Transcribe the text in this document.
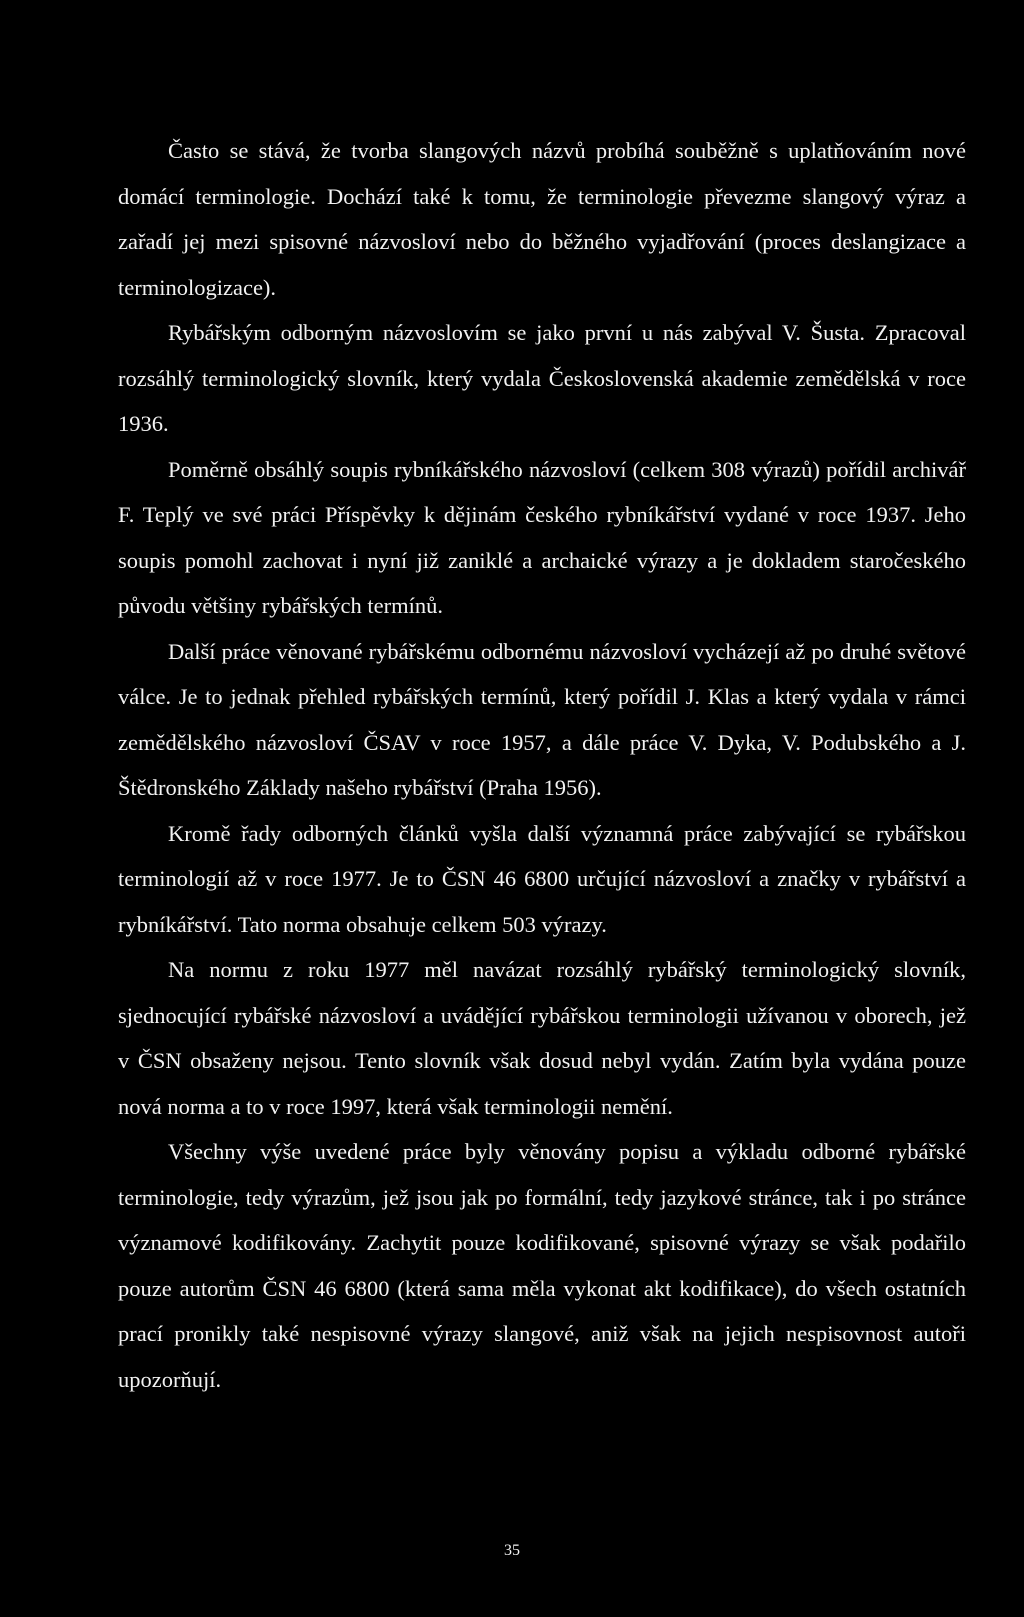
Často se stává, že tvorba slangových názvů probíhá souběžně s uplatňováním nové domácí terminologie. Dochází také k tomu, že terminologie převezme slangový výraz a zařadí jej mezi spisovné názvosloví nebo do běžného vyjadřování (proces deslangizace a terminologizace).

Rybářským odborným názvoslovím se jako první u nás zabýval V. Šusta. Zpracoval rozsáhlý terminologický slovník, který vydala Československá akademie zemědělská v roce 1936.

Poměrně obsáhlý soupis rybníkářského názvosloví (celkem 308 výrazů) pořídil archivář F. Teplý ve své práci Příspěvky k dějinám českého rybníkářství vydané v roce 1937. Jeho soupis pomohl zachovat i nyní již zaniklé a archaické výrazy a je dokladem staročeského původu většiny rybářských termínů.

Další práce věnované rybářskému odbornému názvosloví vycházejí až po druhé světové válce. Je to jednak přehled rybářských termínů, který pořídil J. Klas a který vydala v rámci zemědělského názvosloví ČSAV v roce 1957, a dále práce V. Dyka, V. Podubského a J. Štědronského Základy našeho rybářství (Praha 1956).

Kromě řady odborných článků vyšla další významná práce zabývající se rybářskou terminologií až v roce 1977. Je to ČSN 46 6800 určující názvosloví a značky v rybářství a rybníkářství. Tato norma obsahuje celkem 503 výrazy.

Na normu z roku 1977 měl navázat rozsáhlý rybářský terminologický slovník, sjednocující rybářské názvosloví a uvádějící rybářskou terminologii užívanou v oborech, jež v ČSN obsaženy nejsou. Tento slovník však dosud nebyl vydán. Zatím byla vydána pouze nová norma a to v roce 1997, která však terminologii nemění.

Všechny výše uvedené práce byly věnovány popisu a výkladu odborné rybářské terminologie, tedy výrazům, jež jsou jak po formální, tedy jazykové stránce, tak i po stránce významové kodifikovány. Zachytit pouze kodifikované, spisovné výrazy se však podařilo pouze autorům ČSN 46 6800 (která sama měla vykonat akt kodifikace), do všech ostatních prací pronikly také nespisovné výrazy slangové, aniž však na jejich nespisovnost autoři upozorňují.

35
